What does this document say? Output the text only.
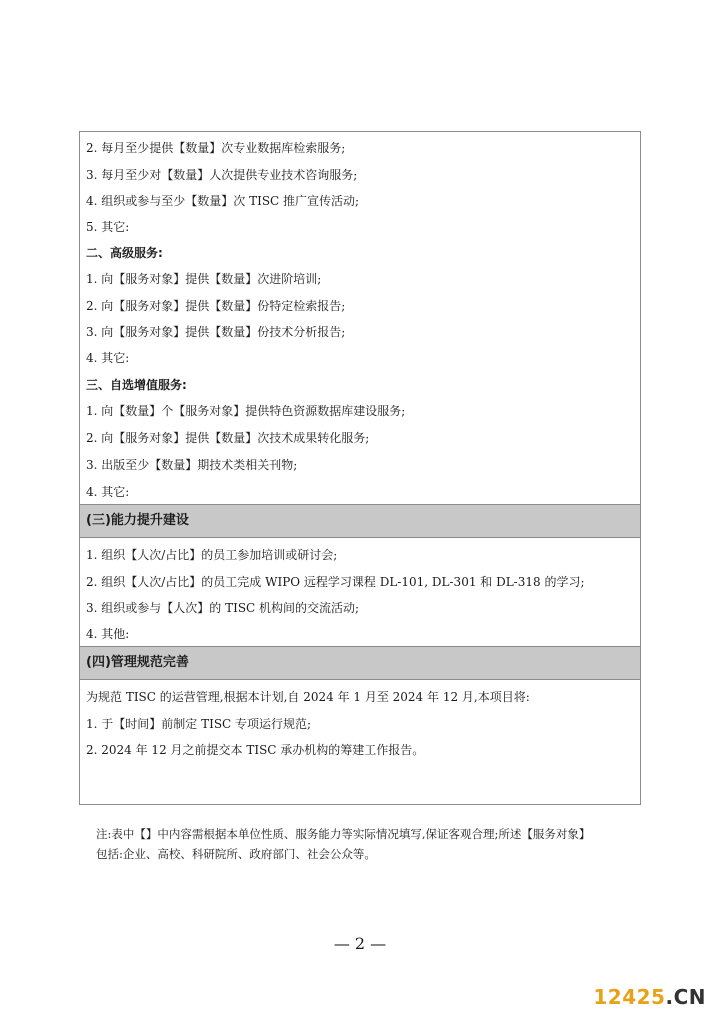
2. 每月至少提供【数量】次专业数据库检索服务;
3. 每月至少对【数量】人次提供专业技术咨询服务;
4. 组织或参与至少【数量】次 TISC 推广宣传活动;
5. 其它:
二、高级服务:
1. 向【服务对象】提供【数量】次进阶培训;
2. 向【服务对象】提供【数量】份特定检索报告;
3. 向【服务对象】提供【数量】份技术分析报告;
4. 其它:
三、自选增值服务:
1. 向【数量】个【服务对象】提供特色资源数据库建设服务;
2. 向【服务对象】提供【数量】次技术成果转化服务;
3. 出版至少【数量】期技术类相关刊物;
4. 其它:
(三)能力提升建设
1. 组织【人次/占比】的员工参加培训或研讨会;
2. 组织【人次/占比】的员工完成 WIPO 远程学习课程 DL-101, DL-301 和 DL-318 的学习;
3. 组织或参与【人次】的 TISC 机构间的交流活动;
4. 其他:
(四)管理规范完善
为规范 TISC 的运营管理,根据本计划,自 2024 年 1 月至 2024 年 12 月,本项目将:
1. 于【时间】前制定 TISC 专项运行规范;
2. 2024 年 12 月之前提交本 TISC 承办机构的筹建工作报告。
注:表中【】中内容需根据本单位性质、服务能力等实际情况填写,保证客观合理;所述【服务对象】
包括:企业、高校、科研院所、政府部门、社会公众等。
— 2 —
12425.CN
